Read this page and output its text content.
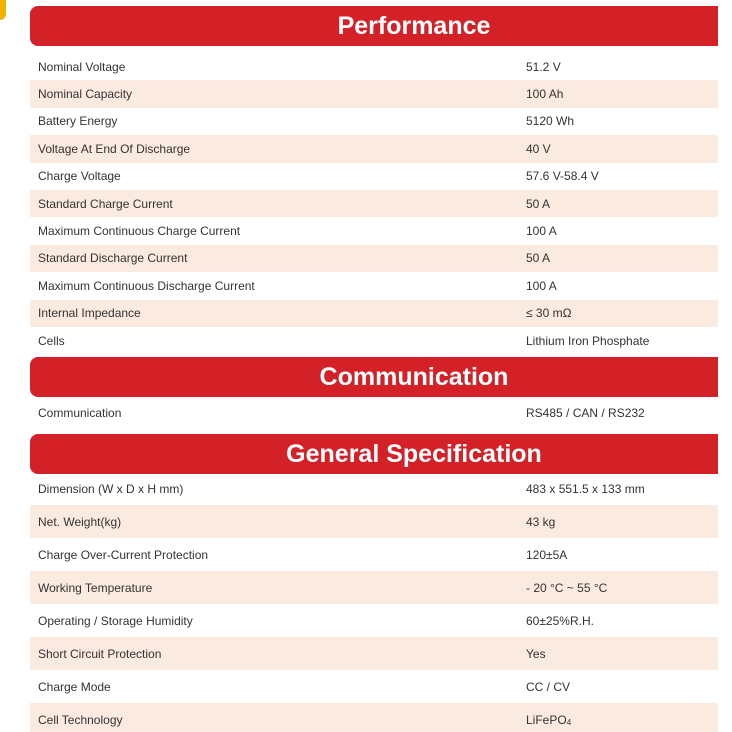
Performance
Nominal Voltage	51.2 V
Nominal Capacity	100 Ah
Battery Energy	5120 Wh
Voltage At End Of Discharge	40 V
Charge Voltage	57.6 V-58.4 V
Standard Charge Current	50 A
Maximum Continuous Charge Current	100 A
Standard Discharge Current	50 A
Maximum Continuous Discharge Current	100 A
Internal Impedance	≤ 30 mΩ
Cells	Lithium Iron Phosphate
Communication
Communication	RS485 / CAN / RS232
General Specification
Dimension (W x D x H mm)	483 x 551.5 x 133 mm
Net. Weight(kg)	43 kg
Charge Over-Current Protection	120±5A
Working Temperature	- 20 °C ~ 55 °C
Operating / Storage Humidity	60±25%R.H.
Short Circuit Protection	Yes
Charge Mode	CC / CV
Cell Technology	LiFePO$_4$
